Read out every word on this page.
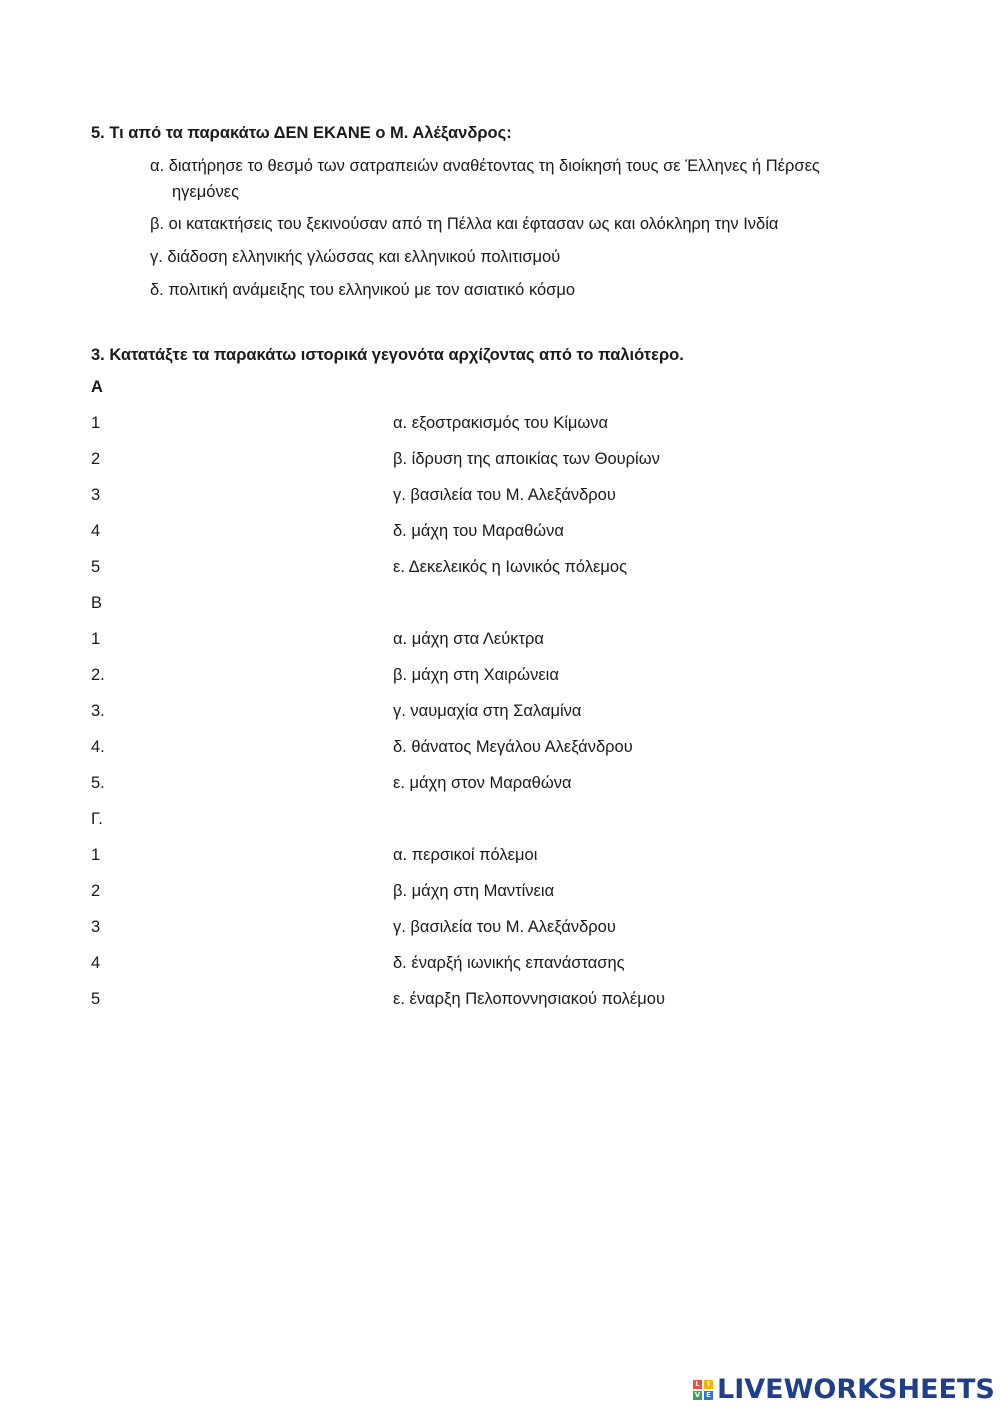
5. Τι από τα παρακάτω ΔΕΝ ΕΚΑΝΕ ο Μ. Αλέξανδρος:
α. διατήρησε το θεσμό των σατραπειών αναθέτοντας τη διοίκησή τους σε Έλληνες ή Πέρσες
ηγεμόνες
β. οι κατακτήσεις του ξεκινούσαν από τη Πέλλα και έφτασαν ως και ολόκληρη την Ινδία
γ. διάδοση ελληνικής γλώσσας και ελληνικού πολιτισμού
δ. πολιτική ανάμειξης του ελληνικού με τον ασιατικό κόσμο
3. Κατατάξτε τα παρακάτω ιστορικά γεγονότα αρχίζοντας από το παλιότερο.
Α
1	α. εξοστρακισμός του Κίμωνα
2	β. ίδρυση της αποικίας των Θουρίων
3	γ. βασιλεία του Μ. Αλεξάνδρου
4	δ. μάχη του Μαραθώνα
5	ε. Δεκελεικός η Ιωνικός πόλεμος
Β
1	α. μάχη στα Λεύκτρα
2.	β. μάχη στη Χαιρώνεια
3.	γ. ναυμαχία στη Σαλαμίνα
4.	δ. θάνατος Μεγάλου Αλεξάνδρου
5.	ε. μάχη στον Μαραθώνα
Γ.
1	α. περσικοί πόλεμοι
2	β. μάχη στη Μαντίνεια
3	γ. βασιλεία του Μ. Αλεξάνδρου
4	δ. έναρξή ιωνικής επανάστασης
5	ε. έναρξη Πελοποννησιακού πολέμου
L	I
V E LIVEWORKSHEETS
